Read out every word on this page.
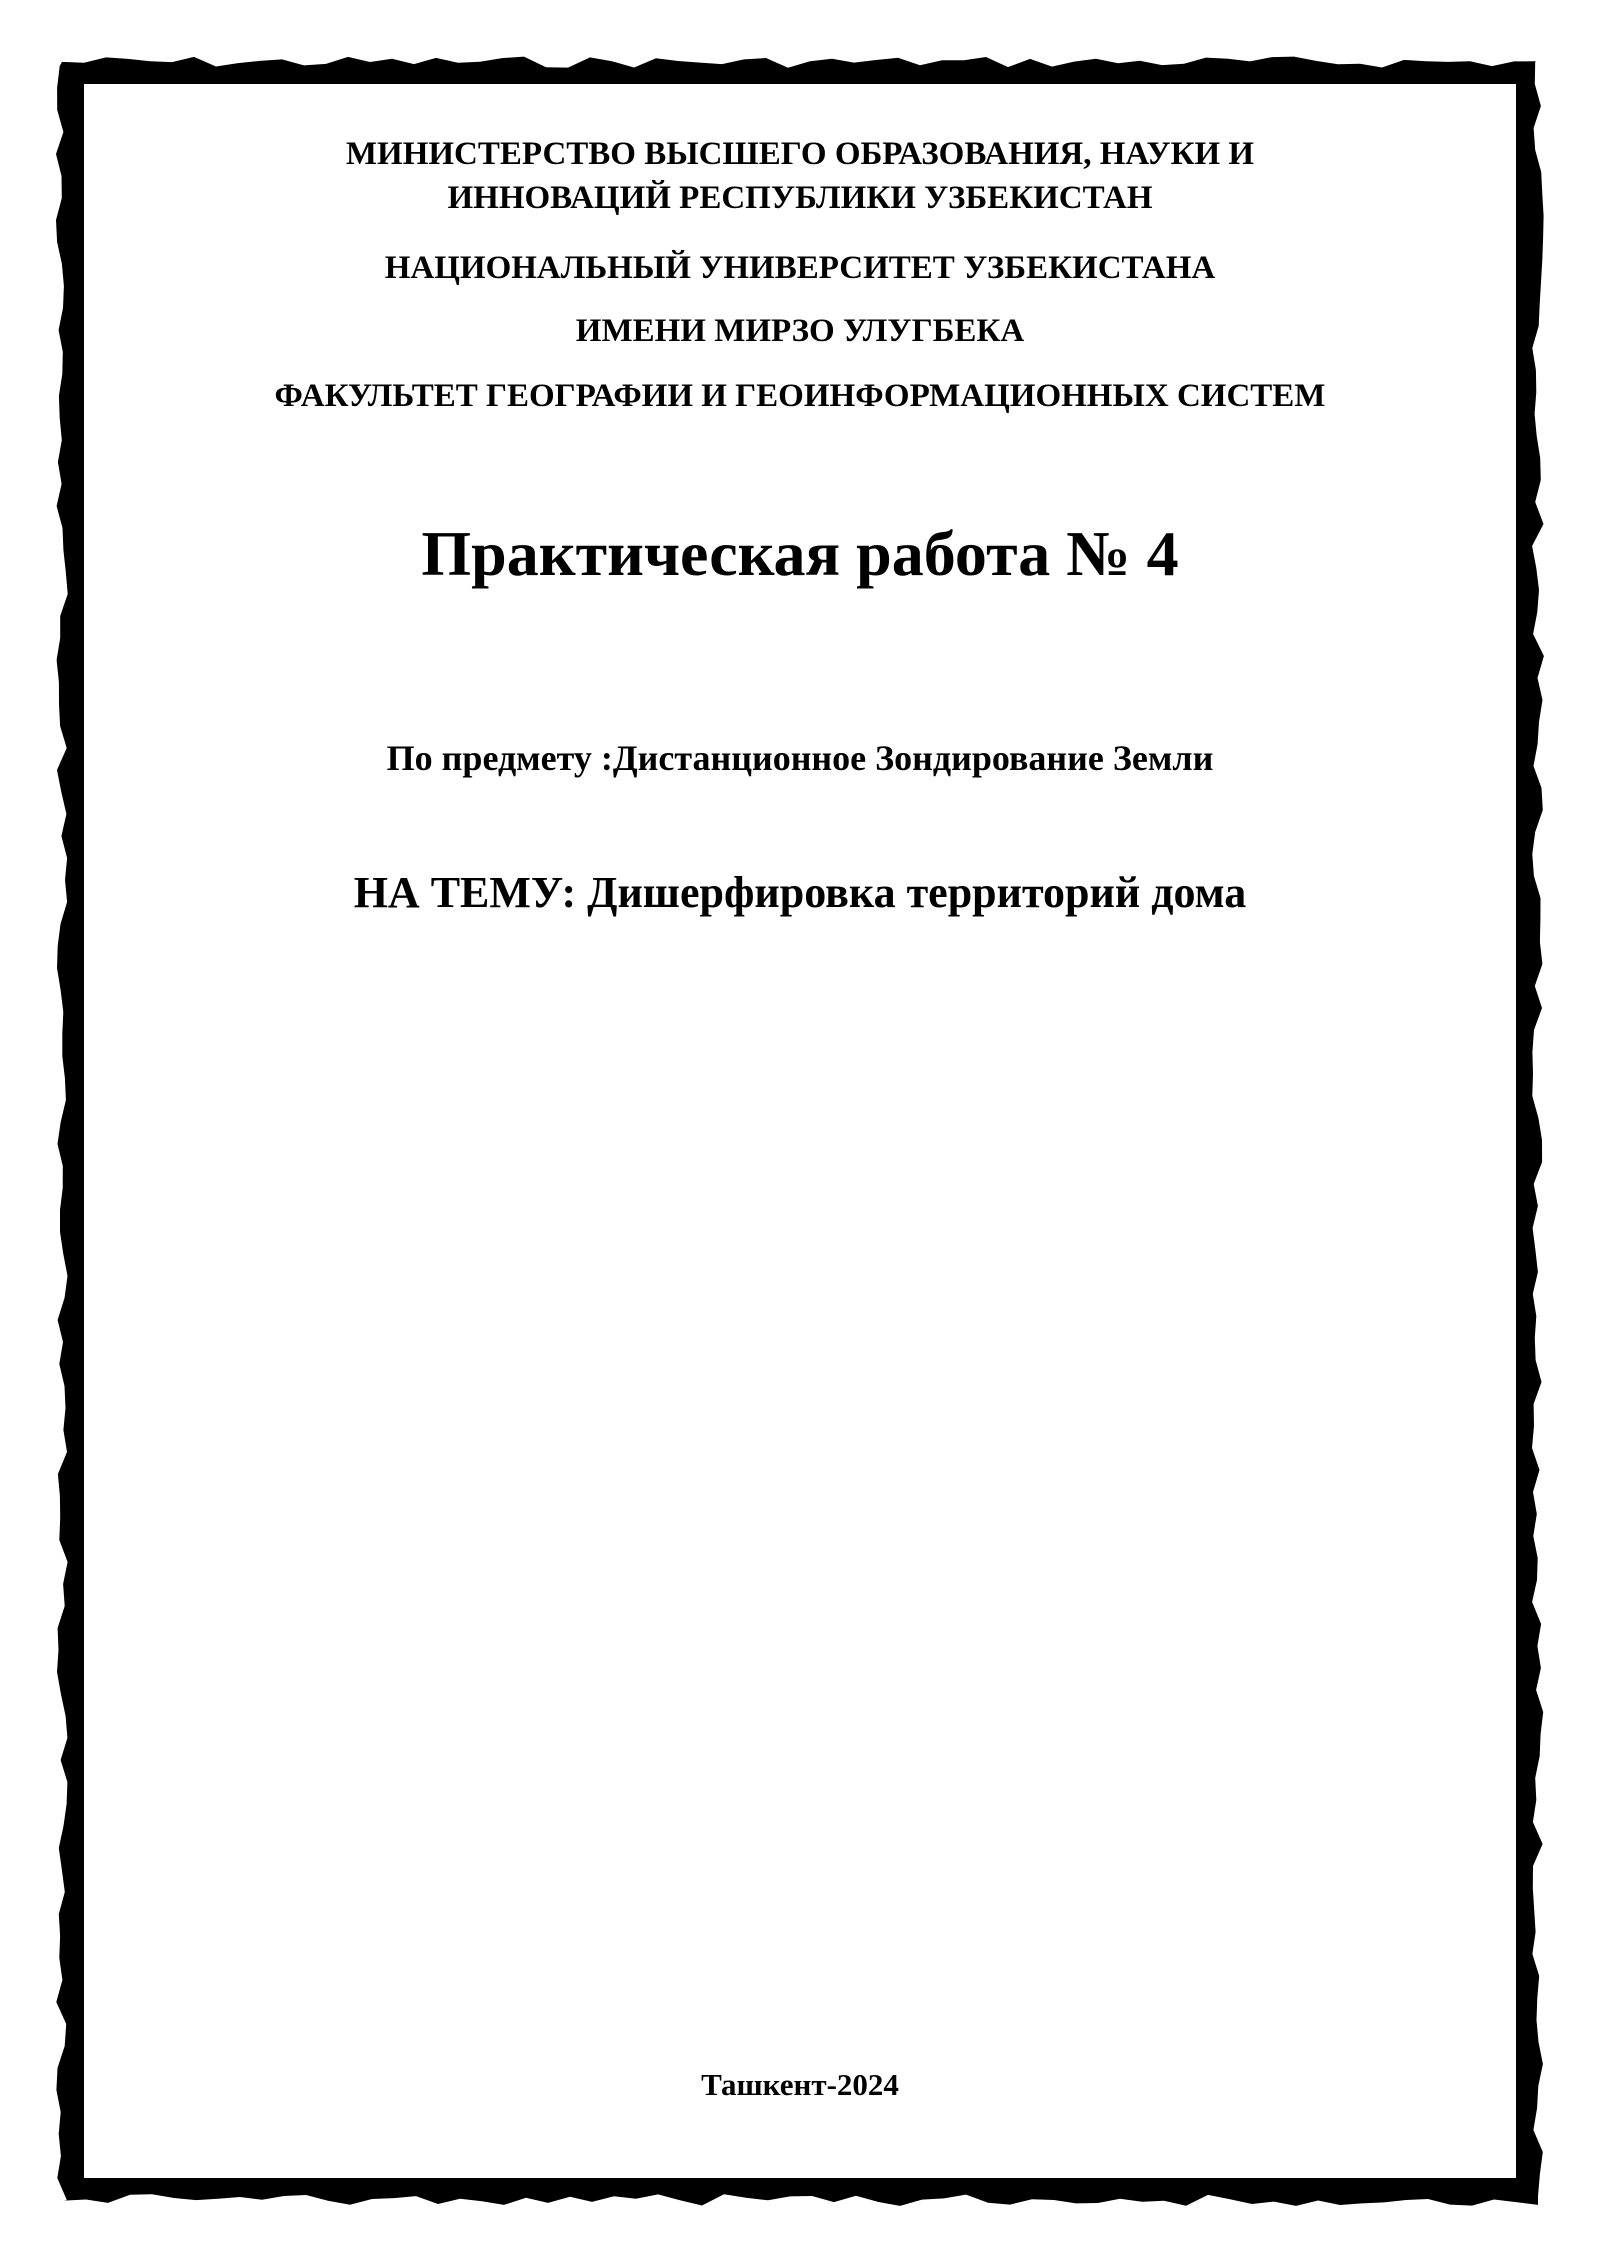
МИНИСТЕРСТВО ВЫСШЕГО ОБРАЗОВАНИЯ, НАУКИ И
ИННОВАЦИЙ РЕСПУБЛИКИ УЗБЕКИСТАН
НАЦИОНАЛЬНЫЙ УНИВЕРСИТЕТ УЗБЕКИСТАНА
ИМЕНИ МИРЗО УЛУГБЕКА
ФАКУЛЬТЕТ ГЕОГРАФИИ И ГЕОИНФОРМАЦИОННЫХ СИСТЕМ
Практическая работа № 4
По предмету :Дистанционное Зондирование Земли
НА ТЕМУ: Дишерфировка территорий дома
Ташкент-2024
